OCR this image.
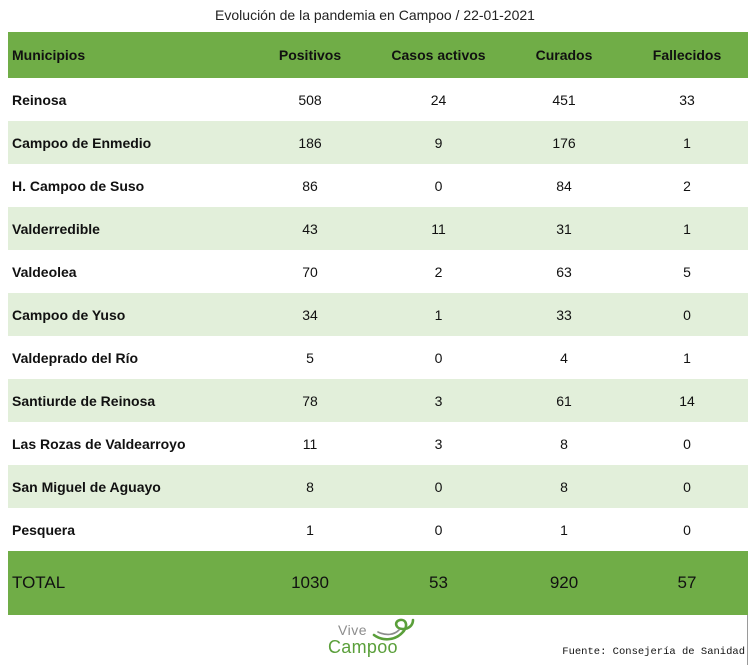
Evolución de la pandemia en Campoo / 22-01-2021
Municipios	Positivos	Casos activos	Curados	Fallecidos
Reinosa	508	24	451	33
Campoo de Enmedio	186	9	176	1
H. Campoo de Suso	86	0	84	2
Valderredible	43	11	31	1
Valdeolea	70	2	63	5
Campoo de Yuso	34	1	33	0
Valdeprado del Río	5	0	4	1
Santiurde de Reinosa	78	3	61	14
Las Rozas de Valdearroyo	11	3	8	0
San Miguel de Aguayo	8	0	8	0
Pesquera	1	0	1	0
TOTAL	1030	53	920	57
Vive
Campoo	Fuente: Consejería de Sanidad
